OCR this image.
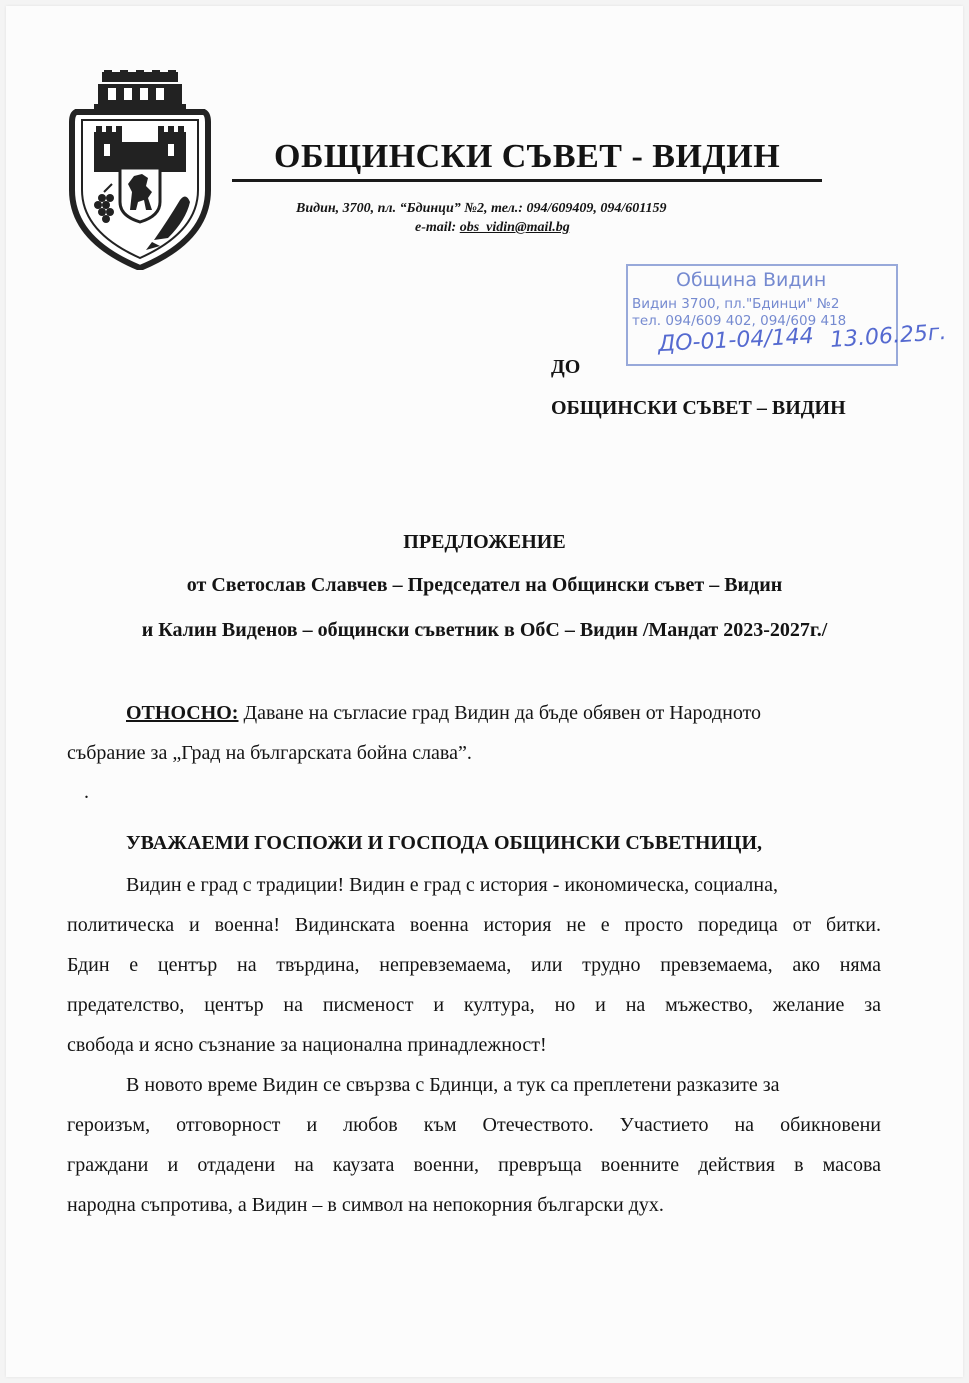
ОБЩИНСКИ СЪВЕТ - ВИДИН
Видин, 3700, пл. “Бдинци” №2, тел.: 094/609409, 094/601159
e-mail: obs_vidin@mail.bg
Община Видин
Видин 3700, пл."Бдинци" №2
тел. 094/609 402, 094/609 418
ДО-01-04/144 13.06.25г.
ДО
ОБЩИНСКИ СЪВЕТ – ВИДИН
ПРЕДЛОЖЕНИЕ
от Светослав Славчев – Председател на Общински съвет – Видин
и Калин Виденов – общински съветник в ОбС – Видин /Мандат 2023-2027г./
ОТНОСНО: Даване на съгласие град Видин да бъде обявен от Народното
събрание за „Град на българската бойна слава”.
.
УВАЖАЕМИ ГОСПОЖИ И ГОСПОДА ОБЩИНСКИ СЪВЕТНИЦИ,
Видин е град с традиции! Видин е град с история - икономическа, социална,
политическа и военна! Видинската военна история не е просто поредица от битки.
Бдин е център на твърдина, непревземаема, или трудно превземаема, ако няма
предателство, център на писменост и култура, но и на мъжество, желание за
свобода и ясно съзнание за национална принадлежност!
В новото време Видин се свързва с Бдинци, а тук са преплетени разказите за
героизъм, отговорност и любов към Отечеството. Участието на обикновени
граждани и отдадени на каузата военни, превръща военните действия в масова
народна съпротива, а Видин – в символ на непокорния български дух.
